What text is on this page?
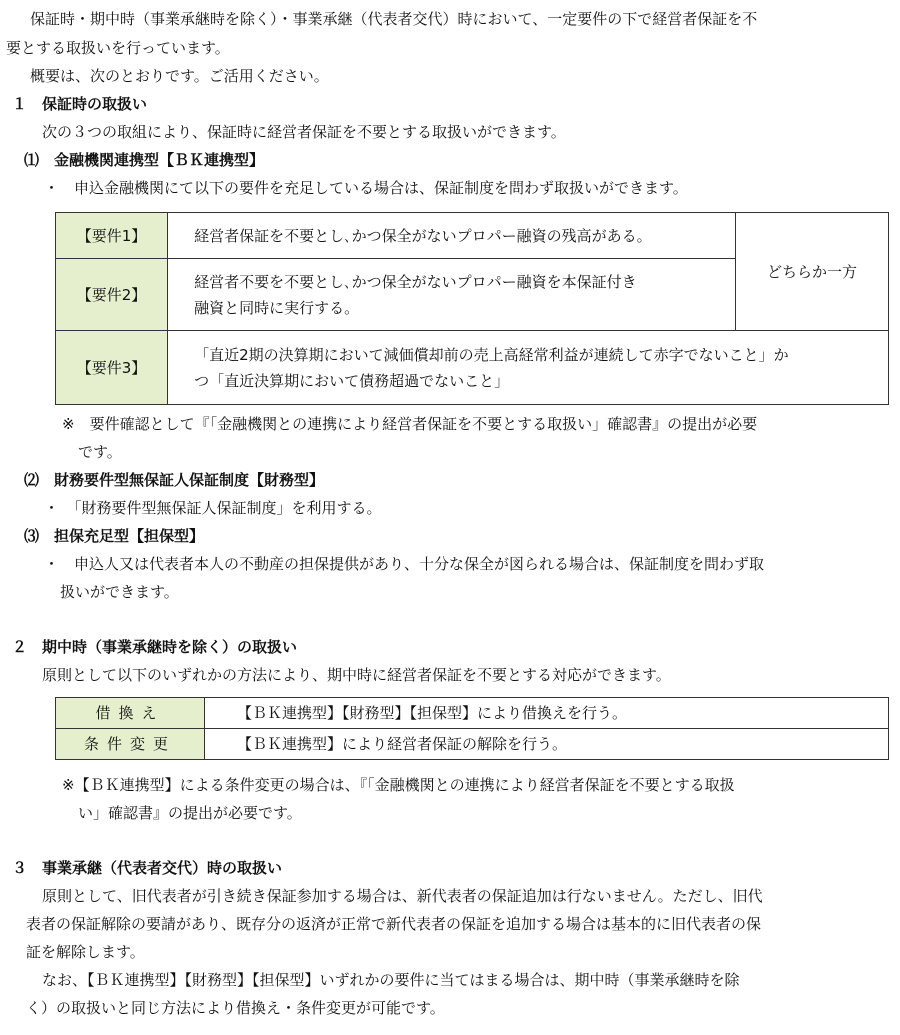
保証時・期中時（事業承継時を除く）・事業承継（代表者交代）時において、一定要件の下で経営者保証を不

要とする取扱いを行っています。

概要は、次のとおりです。ご活用ください。

１　保証時の取扱い

次の３つの取組により、保証時に経営者保証を不要とする取扱いができます。

⑴　金融機関連携型【ＢＫ連携型】

・　申込金融機関にて以下の要件を充足している場合は、保証制度を問わず取扱いができます。

【要件1】	経営者保証を不要とし､かつ保全がないプロパー融資の残高がある。	どちらか一方
【要件2】	経営者不要を不要とし､かつ保全がないプロパー融資を本保証付き
融資と同時に実行する。	

【要件3】	「直近2期の決算期において減価償却前の売上高経常利益が連続して赤字でないこと」か
つ「直近決算期において債務超過でないこと」	

※　要件確認として『「金融機関との連携により経営者保証を不要とする取扱い」確認書』の提出が必要

です。

⑵　財務要件型無保証人保証制度【財務型】

・　「財務要件型無保証人保証制度」を利用する。

⑶　担保充足型【担保型】

・　申込人又は代表者本人の不動産の担保提供があり、十分な保全が図られる場合は、保証制度を問わず取

扱いができます。

２　期中時（事業承継時を除く）の取扱い

原則として以下のいずれかの方法により、期中時に経営者保証を不要とする対応ができます。

借換え	【ＢＫ連携型】【財務型】【担保型】により借換えを行う。
条件変更	【ＢＫ連携型】により経営者保証の解除を行う。

※【ＢＫ連携型】による条件変更の場合は、『「金融機関との連携により経営者保証を不要とする取扱

い」確認書』の提出が必要です。

３　事業承継（代表者交代）時の取扱い

原則として、旧代表者が引き続き保証参加する場合は、新代表者の保証追加は行ないません。ただし、旧代

表者の保証解除の要請があり、既存分の返済が正常で新代表者の保証を追加する場合は基本的に旧代表者の保

証を解除します。

なお、【ＢＫ連携型】【財務型】【担保型】いずれかの要件に当てはまる場合は、期中時（事業承継時を除

く）の取扱いと同じ方法により借換え・条件変更が可能です。
